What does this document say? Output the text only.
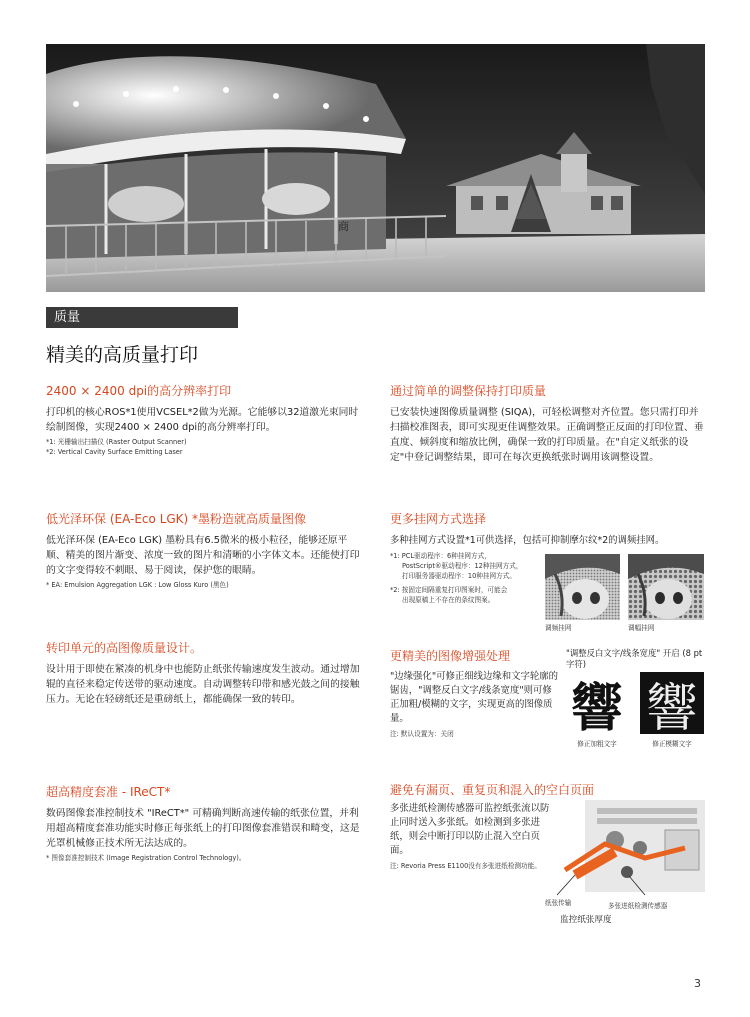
商
质量
精美的高质量打印
2400 × 2400 dpi的高分辨率打印

打印机的核心ROS*1使用VCSEL*2做为光源。它能够以32道激光束同时绘制图像，实现2400 × 2400 dpi的高分辨率打印。

*1: 光栅输出扫描仪 (Raster Output Scanner)

*2: Vertical Cavity Surface Emitting Laser

低光泽环保 (EA-Eco LGK) *墨粉造就高质量图像

低光泽环保 (EA-Eco LGK) 墨粉具有6.5微米的极小粒径，能够还原平顺、精美的图片渐变、浓度一致的图片和清晰的小字体文本。还能使打印的文字变得较不刺眼、易于阅读，保护您的眼睛。

* EA: Emulsion Aggregation LGK : Low Gloss Kuro (黑色)

转印单元的高图像质量设计。

设计用于即使在紧凑的机身中也能防止纸张传输速度发生波动。通过增加辊的直径来稳定传送带的驱动速度。自动调整转印带和感光鼓之间的接触压力。无论在轻磅纸还是重磅纸上，都能确保一致的转印。

超高精度套准 - IReCT*

数码图像套准控制技术 "IReCT*" 可精确判断高速传输的纸张位置，并利用超高精度套准功能实时修正每张纸上的打印图像套准错误和畸变，这是光罩机械修正技术所无法达成的。

* 图像套准控制技术 (Image Registration Control Technology)。

通过简单的调整保持打印质量

已安装快速图像质量调整 (SIQA)，可轻松调整对齐位置。您只需打印并扫描校准图表，即可实现更佳调整效果。正确调整正反面的打印位置、垂直度、倾斜度和缩放比例，确保一致的打印质量。在"自定义纸张的设定"中登记调整结果，即可在每次更换纸张时调用该调整设置。

更多挂网方式选择

多种挂网方式设置*1可供选择，包括可抑制摩尔纹*2的调频挂网。

*1: PCL驱动程序：6种挂网方式，

PostScript®驱动程序：12种挂网方式，

打印服务器驱动程序：10种挂网方式。

*2: 按固定间隔重复打印图案时，可能会

出现原稿上不存在的条纹图案。

调频挂网	调幅挂网
更精美的图像增强处理

"边缘强化"可修正细线边缘和文字轮廓的锯齿，"调整反白文字/线条宽度"则可修正加粗/模糊的文字，实现更高的图像质量。

注: 默认设置为：关闭

"调整反白文字/线条宽度" 开启 (8 pt字符)
響 響
修正加粗文字	修正模糊文字
避免有漏页、重复页和混入的空白页面

多张进纸检测传感器可监控纸张流以防止同时送入多张纸。如检测到多张进纸，则会中断打印以防止混入空白页面。

注: Revoria Press E1100没有多张进纸检测功能。

纸张传输	多张进纸检测传感器
监控纸张厚度
3
